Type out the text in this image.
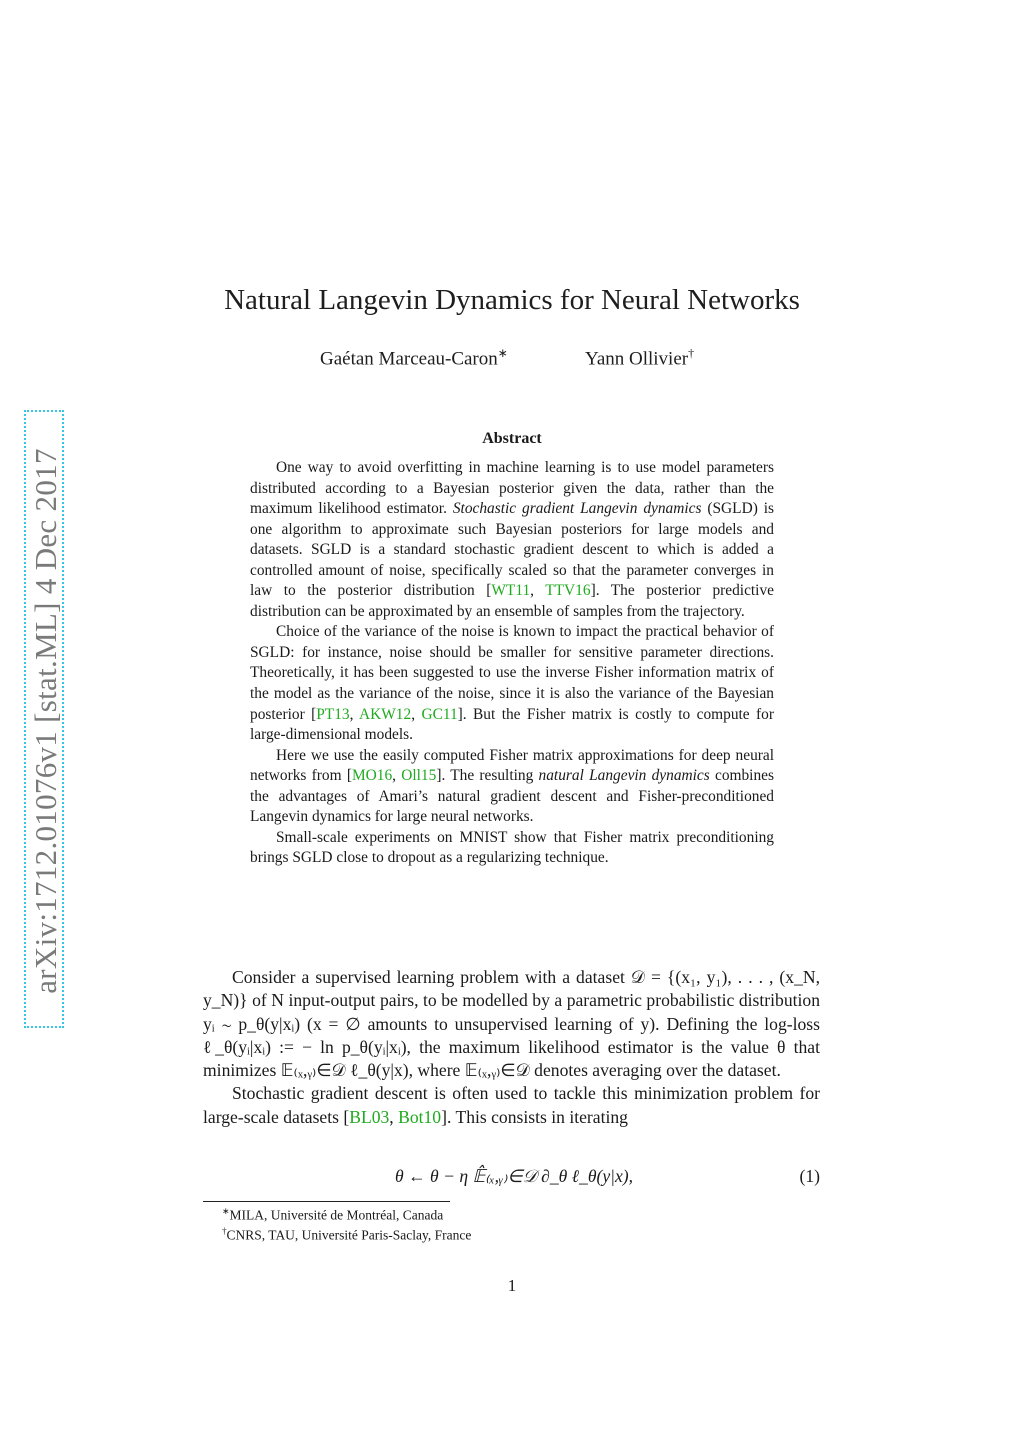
arXiv:1712.01076v1 [stat.ML] 4 Dec 2017
Natural Langevin Dynamics for Neural Networks
Gaétan Marceau-Caron∗	Yann Ollivier†
Abstract

One way to avoid overfitting in machine learning is to use model parameters distributed according to a Bayesian posterior given the data, rather than the maximum likelihood estimator. Stochastic gradient Langevin dynamics (SGLD) is one algorithm to approximate such Bayesian posteriors for large models and datasets. SGLD is a standard stochastic gradient descent to which is added a controlled amount of noise, specifically scaled so that the parameter converges in law to the posterior distribution [WT11, TTV16]. The posterior predictive distribution can be approximated by an ensemble of samples from the trajectory.

Choice of the variance of the noise is known to impact the practical behavior of SGLD: for instance, noise should be smaller for sensitive parameter directions. Theoretically, it has been suggested to use the inverse Fisher information matrix of the model as the variance of the noise, since it is also the variance of the Bayesian posterior [PT13, AKW12, GC11]. But the Fisher matrix is costly to compute for large-dimensional models.

Here we use the easily computed Fisher matrix approximations for deep neural networks from [MO16, Oll15]. The resulting natural Langevin dynamics combines the advantages of Amari’s natural gradient descent and Fisher-preconditioned Langevin dynamics for large neural networks.

Small-scale experiments on MNIST show that Fisher matrix preconditioning brings SGLD close to dropout as a regularizing technique.

Consider a supervised learning problem with a dataset 𝒟 = {(x₁, y₁), . . . , (x_N, y_N)} of N input-output pairs, to be modelled by a parametric probabilistic distribution yᵢ ∼ p_θ(y|xᵢ) (x = ∅ amounts to unsupervised learning of y). Defining the log-loss ℓ_θ(yᵢ|xᵢ) := − ln p_θ(yᵢ|xᵢ), the maximum likelihood estimator is the value θ that minimizes 𝔼₍ₓ,ᵧ₎∈𝒟 ℓ_θ(y|x), where 𝔼₍ₓ,ᵧ₎∈𝒟 denotes averaging over the dataset.

Stochastic gradient descent is often used to tackle this minimization problem for large-scale datasets [BL03, Bot10]. This consists in iterating

θ ← θ − η 𝔼̂₍ₓ,ᵧ₎∈𝒟 ∂_θ ℓ_θ(y|x),	(1)
∗MILA, Université de Montréal, Canada
†CNRS, TAU, Université Paris-Saclay, France
1
